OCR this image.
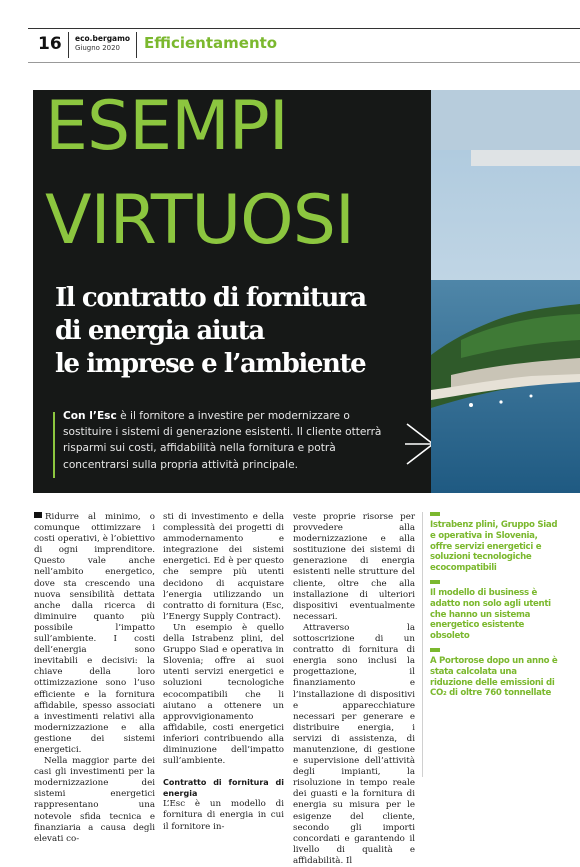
16 eco.bergamo
Giugno 2020 Efficientamento
ESEMPI
VIRTUOSI
Il contratto di fornitura
di energia aiuta
le imprese e l’ambiente
Con l’Esc è il fornitore a investire per modernizzare o sostituire i sistemi di generazione esistenti. Il cliente otterrà risparmi sui costi, affidabilità nella fornitura e potrà concentrarsi sulla propria attività principale.

Ridurre al minimo, o comunque ottimizzare i costi operativi, è l’obiettivo di ogni imprenditore. Questo vale anche nell’ambito energetico, dove sta crescendo una nuova sensibilità dettata anche dalla ricerca di diminuire quanto più possibile l’impatto sull’ambiente. I costi dell’energia sono inevitabili e decisivi: la chiave della loro ottimizzazione sono l’uso efficiente e la fornitura affidabile, spesso associati a investimenti relativi alla modernizzazione e alla gestione dei sistemi energetici.

Nella maggior parte dei casi gli investimenti per la modernizzazione dei sistemi energetici rappresentano una notevole sfida tecnica e finanziaria a causa degli elevati co-

sti di investimento e della complessità dei progetti di ammodernamento e integrazione dei sistemi energetici. Ed è per questo che sempre più utenti decidono di acquistare l’energia utilizzando un contratto di fornitura (Esc, l’Energy Supply Contract).

Un esempio è quello della Istrabenz plini, del Gruppo Siad e operativa in Slovenia; offre ai suoi utenti servizi energetici e soluzioni tecnologiche ecocompatibili che li aiutano a ottenere un approvvigionamento affidabile, costi energetici inferiori contribuendo alla diminuzione dell’impatto sull’ambiente.

Contratto di fornitura di energia

L’Esc è un modello di fornitura di energia in cui il fornitore in-

veste proprie risorse per provvedere alla modernizzazione e alla sostituzione dei sistemi di generazione di energia esistenti nelle strutture del cliente, oltre che alla installazione di ulteriori dispositivi eventualmente necessari.

Attraverso la sottoscrizione di un contratto di fornitura di energia sono inclusi la progettazione, il finanziamento e l’installazione di dispositivi e apparecchiature necessari per generare e distribuire energia, i servizi di assistenza, di manutenzione, di gestione e supervisione dell’attività degli impianti, la risoluzione in tempo reale dei guasti e la fornitura di energia su misura per le esigenze del cliente, secondo gli importi concordati e garantendo il livello di qualità e affidabilità. Il

Istrabenz plini, Gruppo Siad e operativa in Slovenia, offre servizi energetici e soluzioni tecnologiche ecocompatibili
Il modello di business è adatto non solo agli utenti che hanno un sistema energetico esistente obsoleto
A Portorose dopo un anno è stata calcolata una riduzione delle emissioni di CO₂ di oltre 760 tonnellate
